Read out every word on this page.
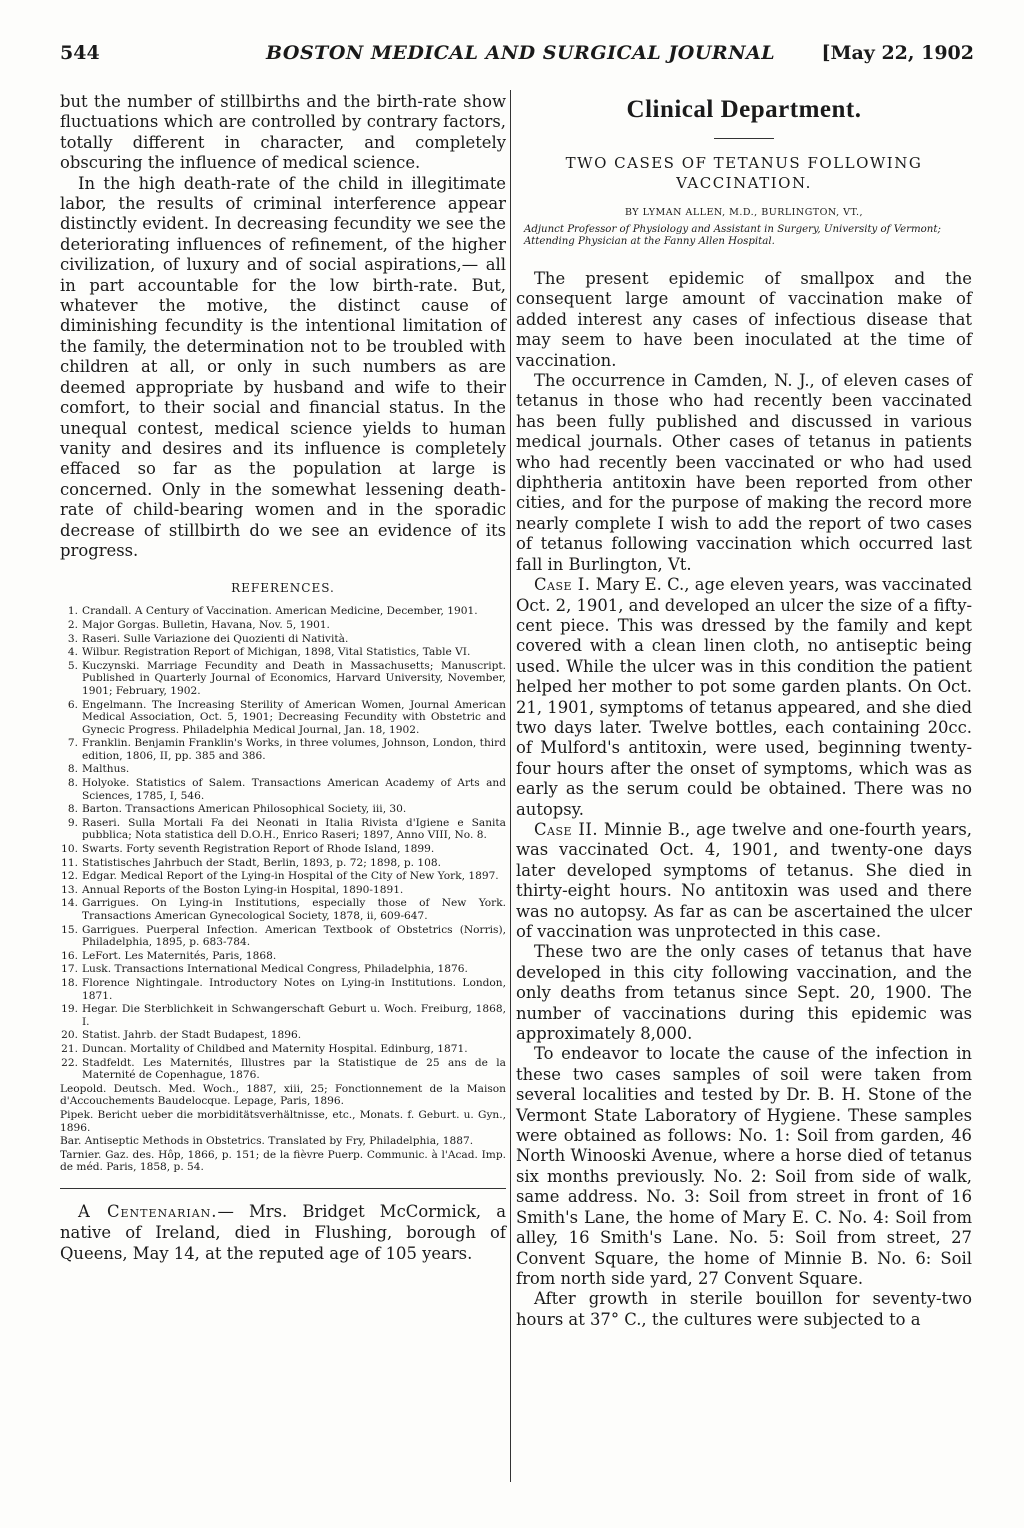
544	BOSTON MEDICAL AND SURGICAL JOURNAL [May 22, 1902

but the number of stillbirths and the birth-rate show fluctuations which are controlled by contrary factors, totally different in character, and completely obscuring the influence of medical science.

In the high death-rate of the child in illegitimate labor, the results of criminal interference appear distinctly evident. In decreasing fecundity we see the deteriorating influences of refinement, of the higher civilization, of luxury and of social aspirations,— all in part accountable for the low birth-rate. But, whatever the motive, the distinct cause of diminishing fecundity is the intentional limitation of the family, the determination not to be troubled with children at all, or only in such numbers as are deemed appropriate by husband and wife to their comfort, to their social and financial status. In the unequal contest, medical science yields to human vanity and desires and its influence is completely effaced so far as the population at large is concerned. Only in the somewhat lessening death-rate of child-bearing women and in the sporadic decrease of stillbirth do we see an evidence of its progress.

REFERENCES.
1. Crandall. A Century of Vaccination. American Medicine, December, 1901.
2. Major Gorgas. Bulletin, Havana, Nov. 5, 1901.
3. Raseri. Sulle Variazione dei Quozienti di Natività.
4. Wilbur. Registration Report of Michigan, 1898, Vital Statistics, Table VI.
5. Kuczynski. Marriage Fecundity and Death in Massachusetts; Manuscript. Published in Quarterly Journal of Economics, Harvard University, November, 1901; February, 1902.
6. Engelmann. The Increasing Sterility of American Women, Journal American Medical Association, Oct. 5, 1901; Decreasing Fecundity with Obstetric and Gynecic Progress. Philadelphia Medical Journal, Jan. 18, 1902.
7. Franklin. Benjamin Franklin's Works, in three volumes, Johnson, London, third edition, 1806, II, pp. 385 and 386.
8. Malthus.
8. Holyoke. Statistics of Salem. Transactions American Academy of Arts and Sciences, 1785, I, 546.
8. Barton. Transactions American Philosophical Society, iii, 30.
9. Raseri. Sulla Mortali Fa dei Neonati in Italia Rivista d'Igiene e Sanita pubblica; Nota statistica dell D.O.H., Enrico Raseri; 1897, Anno VIII, No. 8.
10. Swarts. Forty seventh Registration Report of Rhode Island, 1899.
11. Statistisches Jahrbuch der Stadt, Berlin, 1893, p. 72; 1898, p. 108.
12. Edgar. Medical Report of the Lying-in Hospital of the City of New York, 1897.
13. Annual Reports of the Boston Lying-in Hospital, 1890-1891.
14. Garrigues. On Lying-in Institutions, especially those of New York. Transactions American Gynecological Society, 1878, ii, 609-647.
15. Garrigues. Puerperal Infection. American Textbook of Obstetrics (Norris), Philadelphia, 1895, p. 683-784.
16. LeFort. Les Maternités, Paris, 1868.
17. Lusk. Transactions International Medical Congress, Philadelphia, 1876.
18. Florence Nightingale. Introductory Notes on Lying-in Institutions. London, 1871.
19. Hegar. Die Sterblichkeit in Schwangerschaft Geburt u. Woch. Freiburg, 1868, I.
20. Statist. Jahrb. der Stadt Budapest, 1896.
21. Duncan. Mortality of Childbed and Maternity Hospital. Edinburg, 1871.
22. Stadfeldt. Les Maternités, Illustres par la Statistique de 25 ans de la Maternité de Copenhague, 1876.
Leopold. Deutsch. Med. Woch., 1887, xiii, 25; Fonctionnement de la Maison d'Accouchements Baudelocque. Lepage, Paris, 1896.
Pipek. Bericht ueber die morbiditätsverhältnisse, etc., Monats. f. Geburt. u. Gyn., 1896.
Bar. Antiseptic Methods in Obstetrics. Translated by Fry, Philadelphia, 1887.
Tarnier. Gaz. des. Hôp, 1866, p. 151; de la fièvre Puerp. Communic. à l'Acad. Imp. de méd. Paris, 1858, p. 54.

A Centenarian.— Mrs. Bridget McCormick, a native of Ireland, died in Flushing, borough of Queens, May 14, at the reputed age of 105 years.

Clinical Department.
TWO CASES OF TETANUS FOLLOWING VACCINATION.
BY LYMAN ALLEN, M.D., BURLINGTON, VT.,
Adjunct Professor of Physiology and Assistant in Surgery, University of Vermont; Attending Physician at the Fanny Allen Hospital.

The present epidemic of smallpox and the consequent large amount of vaccination make of added interest any cases of infectious disease that may seem to have been inoculated at the time of vaccination.

The occurrence in Camden, N. J., of eleven cases of tetanus in those who had recently been vaccinated has been fully published and discussed in various medical journals. Other cases of tetanus in patients who had recently been vaccinated or who had used diphtheria antitoxin have been reported from other cities, and for the purpose of making the record more nearly complete I wish to add the report of two cases of tetanus following vaccination which occurred last fall in Burlington, Vt.

Case I. Mary E. C., age eleven years, was vaccinated Oct. 2, 1901, and developed an ulcer the size of a fifty-cent piece. This was dressed by the family and kept covered with a clean linen cloth, no antiseptic being used. While the ulcer was in this condition the patient helped her mother to pot some garden plants. On Oct. 21, 1901, symptoms of tetanus appeared, and she died two days later. Twelve bottles, each containing 20cc. of Mulford's antitoxin, were used, beginning twenty-four hours after the onset of symptoms, which was as early as the serum could be obtained. There was no autopsy.

Case II. Minnie B., age twelve and one-fourth years, was vaccinated Oct. 4, 1901, and twenty-one days later developed symptoms of tetanus. She died in thirty-eight hours. No antitoxin was used and there was no autopsy. As far as can be ascertained the ulcer of vaccination was unprotected in this case.

These two are the only cases of tetanus that have developed in this city following vaccination, and the only deaths from tetanus since Sept. 20, 1900. The number of vaccinations during this epidemic was approximately 8,000.

To endeavor to locate the cause of the infection in these two cases samples of soil were taken from several localities and tested by Dr. B. H. Stone of the Vermont State Laboratory of Hygiene. These samples were obtained as follows: No. 1: Soil from garden, 46 North Winooski Avenue, where a horse died of tetanus six months previously. No. 2: Soil from side of walk, same address. No. 3: Soil from street in front of 16 Smith's Lane, the home of Mary E. C. No. 4: Soil from alley, 16 Smith's Lane. No. 5: Soil from street, 27 Convent Square, the home of Minnie B. No. 6: Soil from north side yard, 27 Convent Square.

After growth in sterile bouillon for seventy-two hours at 37° C., the cultures were subjected to a
